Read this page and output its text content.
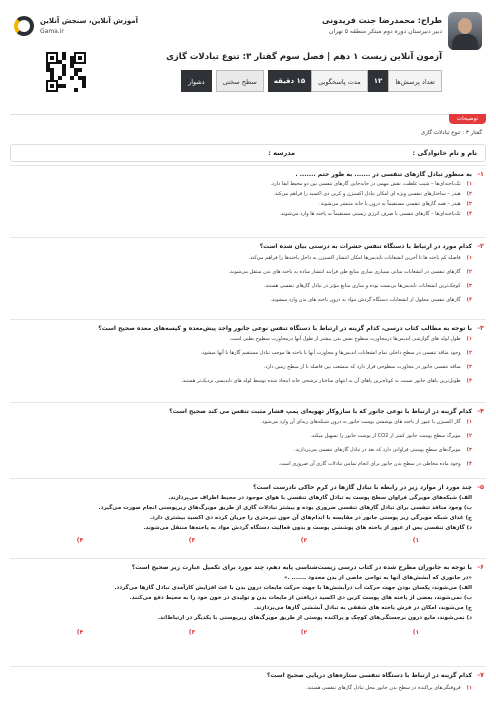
طراح: محمدرضا جنت فریدونی
دبیر دبیرستان دوره دوم مبتکر منطقه ۵ تهران
آموزش آنلاین، سنجش آنلاین
Gama.ir
آزمون آنلاین زیست ۱ دهم | فصل سوم گفتار ۳: تنوع تبادلات گازی
تعداد پرسش‌ها
۱۲
مدت پاسخگویی
۱۵ دقیقه
سطح سختی
دشوار
توضیحات
گفتار ۳ : تنوع تبادلات گازی
نام و نام خانوادگی :
مدرسه :
۱-
به منظور تبادل گازهای تنفسی در ....... به طور حتم ....... .
۱)تک‌یاخته‌ای‌ها – شیب غلظت، نقش مهمی در جابه‌جایی گازهای تنفسی بین دو محیط ایفا دارد.
۲)هیدر – ساختارهای تنفسی ویژه ای امکان تبادل اکسیژن و کربن دی اکسید را فراهم می‌کند.
۳)هیدر – همه گازهای تنفسی مستقیماً به درون یا خانه منتشر می‌شوند.
۴)تک‌یاخته‌ای‌ها – گازهای تنفسی با صرف انرژی زیستی مستقیماً به یاخته ها وارد می‌شوند.
۲-
کدام مورد در ارتباط با دستگاه تنفس حشرات به درستی بیان شده است؟
۱)فاصله کم یاخته ها تا آخرین انشعابات نایدیس‌ها امکان انتشار اکسیژن به داخل یاخته‌ها را فراهم می‌کند.
۲)گازهای تنفسی در انشعابات میانی بسیاری ساری منابع طی فرایند انتشار ساده به یاخته های بدن منتقل می‌شوند.
۳)کوچک‌ترین انشعابات نایدیس‌ها بی‌بست بوده و ساری منابع مؤثر در تبادل گازهای تنفسی هستند.
۴)گازهای تنفسی محلول از انشعابات دستگاه گردش مواد به درون یاخته های بدن وارد میشوند.
۳-
با توجه به مطالب کتاب درسی، کدام گزینه در ارتباط با دستگاه تنفس نوعی جانور واجد پیش‌معده و کیسه‌های معده صحیح است؟
۱)طول لوله های گوارشی اندیس‌ها درمجاورت سطوح نفس بدن بیشتر از طول آنها درمجاورت سطوح بطنی است.
۲)وجود منافذ تنفسی در سطح داخلی تمام انشعابات اندیس‌ها و مجاورت آنها با یاخته ها موجب تبادل مستقیم گازها با آنها میشود.
۳)منافذ تنفسی جانور در مجاورت سطوحی قرار دارد که منشعب بین فاصله با از سطح زمین دارد.
۴)طویل‌ترین پاهای جانور نسبت به کوتاه‌ترین پاهای آن به انتهای ساختار ترشحی خانه اینجاد شده توسط لوله های نایدیسی نزدیک‌تر هستند.
۴-
کدام گزینه در ارتباط با نوعی جانور که با سازوکار تهویه‌ای پمپ فشار مثبت تنفس می کند صحیح است؟
۱)گاز اکسیژن با عبور از یاخته های پوششی پوست جانور به درون شبکه‌های ریه‌ای آن وارد می‌شود.
۲)مویرگ سطح پوست جانور کمتر از CO2 از پوست جانور را تسهیل میکند.
۳)مویرگ‌های سطح پوستی فراوانی دارد که بعد در تبادل گازهای تنفسی می‌پردازند.
۴)وجود ماده مخاطی در سطح بدن جانور برای انجام تمامی تبادلات گازی آن ضروری است.
۵-
چند مورد از موارد زیر در رابطه با تبادل گازها در کرم خاکی نادرست است؟
الف) شبکه‌های مویرگی فراوان سطح پوست به تبادل گازهای تنفسی با هوای موجود در محیط اطراف می‌پردازند.
ب) وجود منافذ تنفسی برای تبادل گازهای تنفسی ضروری بوده و بیشتر تبادلات گازی از طریق مویرگ‌های زیرپوستی انجام صورت می‌گیرد.
ج) غذای شبکه مویرگی زیر پوستی جانور در مقایسه با اندام‌های آن خون تیره‌تری را جریان کرده دی اکسید بیشتری دارد.
د) گازهای تنفسی پس از عبور از یاخته های پوششی پوست و بدون فعالیت دستگاه گردش مواد به یاخته‌ها منتقل می‌شوند.
۱)
۲)
۳)
۴)
۶-
با توجه به جانوران مطرح شده در کتاب درسی زیست‌شناسی پایه دهم، چند مورد برای تکمیل عبارت زیر صحیح است؟
«در جانوری که آبشش‌های آنها به نواحی خاصی از بدن محدود ....... .»
الف) می‌شوند، یکسان بودن جهت حرکت آب درآبشش‌ها با جهت حرکت مایعات درون بدن با عث افزایش کارآمدی تبادل گازها می‌گردد.
ب) نمی‌شوند، بعضی از یاخته های پوست کربن دی اکسید دریافتی از مایعات بدن و تولیدی در خون خود را به محیط دفع می‌کنند.
ج) می‌شوند، امکان در فرش یاخته های شفقی به تبادل آبششی گازها می‌پردازند.
د) نمی‌شوند، مایع درون برجستگی‌های کوچک و پراکنده پوستی از طریق مویرگ‌های زیرپوستی با یکدیگر در ارتباط‌اند.
۱)
۲)
۳)
۴)
۷-
کدام گزینه در ارتباط با دستگاه تنفسی ستاره‌های دریایی صحیح است؟
۱)فروفتگی‌های پراکنده در سطح بدن جانور محل تبادل گازهای تنفسی هستند.
